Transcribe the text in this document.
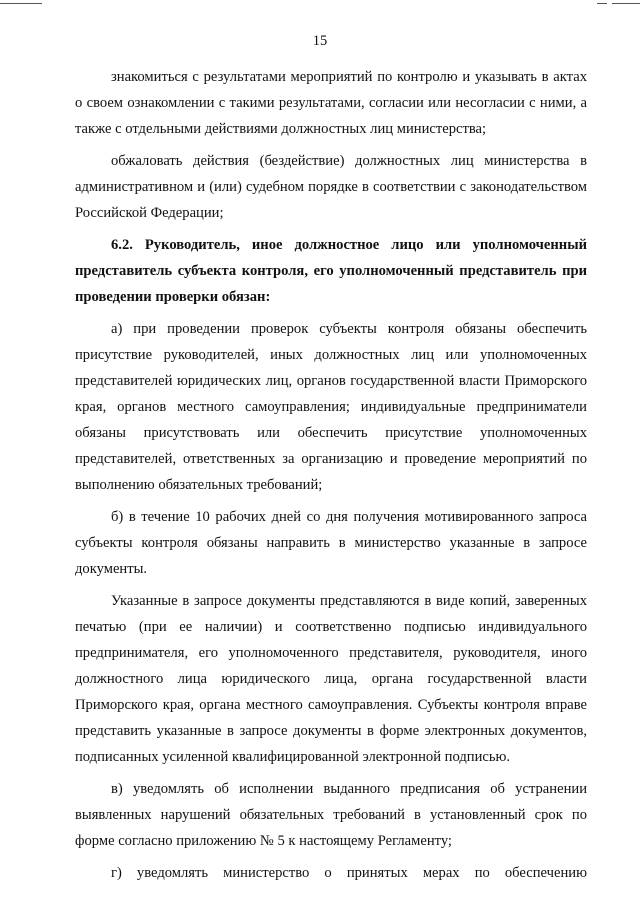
15

знакомиться с результатами мероприятий по контролю и указывать в актах о своем ознакомлении с такими результатами, согласии или несогласии с ними, а также с отдельными действиями должностных лиц министерства;

обжаловать действия (бездействие) должностных лиц министерства в административном и (или) судебном порядке в соответствии с законодательством Российской Федерации;

6.2. Руководитель, иное должностное лицо или уполномоченный представитель субъекта контроля, его уполномоченный представитель при проведении проверки обязан:

а) при проведении проверок субъекты контроля обязаны обеспечить присутствие руководителей, иных должностных лиц или уполномоченных представителей юридических лиц, органов государственной власти Приморского края, органов местного самоуправления; индивидуальные предприниматели обязаны присутствовать или обеспечить присутствие уполномоченных представителей, ответственных за организацию и проведение мероприятий по выполнению обязательных требований;

б) в течение 10 рабочих дней со дня получения мотивированного запроса субъекты контроля обязаны направить в министерство указанные в запросе документы.

Указанные в запросе документы представляются в виде копий, заверенных печатью (при ее наличии) и соответственно подписью индивидуального предпринимателя, его уполномоченного представителя, руководителя, иного должностного лица юридического лица, органа государственной власти Приморского края, органа местного самоуправления. Субъекты контроля вправе представить указанные в запросе документы в форме электронных документов, подписанных усиленной квалифицированной электронной подписью.

в) уведомлять об исполнении выданного предписания об устранении выявленных нарушений обязательных требований в установленный срок по форме согласно приложению № 5 к настоящему Регламенту;

г) уведомлять министерство о принятых мерах по обеспечению
